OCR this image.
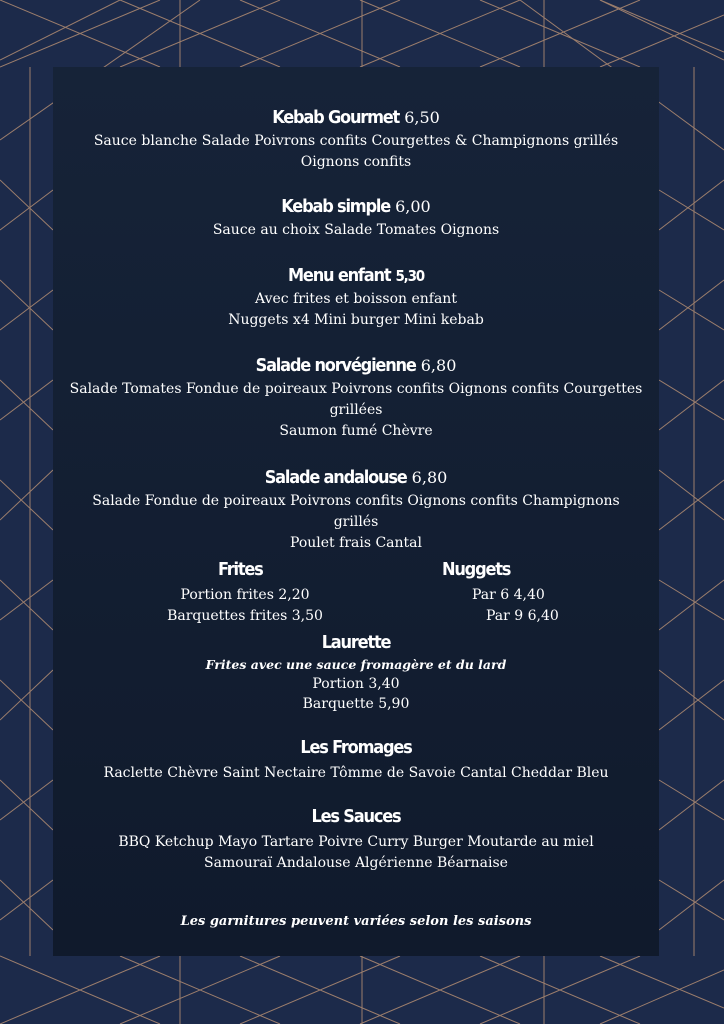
Kebab Gourmet 6,50
Sauce blanche Salade Poivrons confits Courgettes & Champignons grillés
Oignons confits
Kebab simple 6,00
Sauce au choix Salade Tomates Oignons
Menu enfant 5,30
Avec frites et boisson enfant
Nuggets x4 Mini burger Mini kebab
Salade norvégienne 6,80
Salade Tomates Fondue de poireaux Poivrons confits Oignons confits Courgettes
grillées
Saumon fumé Chèvre
Salade andalouse 6,80
Salade Fondue de poireaux Poivrons confits Oignons confits Champignons
grillés
Poulet frais Cantal
Frites
Portion frites 2,20
Barquettes frites 3,50
Nuggets
Par 6 4,40
Par 9 6,40
Laurette
Frites avec une sauce fromagère et du lard
Portion 3,40
Barquette 5,90
Les Fromages
Raclette Chèvre Saint Nectaire Tômme de Savoie Cantal Cheddar Bleu
Les Sauces
BBQ Ketchup Mayo Tartare Poivre Curry Burger Moutarde au miel
Samouraï Andalouse Algérienne Béarnaise
Les garnitures peuvent variées selon les saisons
